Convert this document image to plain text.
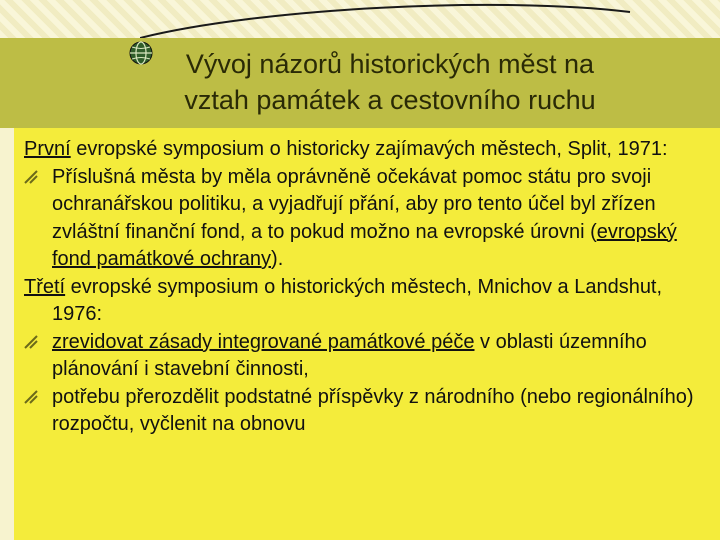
Vývoj názorů historických měst na
vztah památek a cestovního ruchu

První evropské symposium o historicky zajímavých městech, Split, 1971:

Příslušná města by měla oprávněně očekávat pomoc státu pro svoji ochranářskou politiku, a vyjadřují přání, aby pro tento účel byl zřízen zvláštní finanční fond, a to pokud možno na evropské úrovni (evropský fond památkové ochrany).

Třetí evropské symposium o historických městech, Mnichov a Landshut, 1976:

zrevidovat zásady integrované památkové péče v oblasti územního plánování i stavební činnosti,

potřebu přerozdělit podstatné příspěvky z národního (nebo regionálního) rozpočtu, vyčlenit na obnovu
